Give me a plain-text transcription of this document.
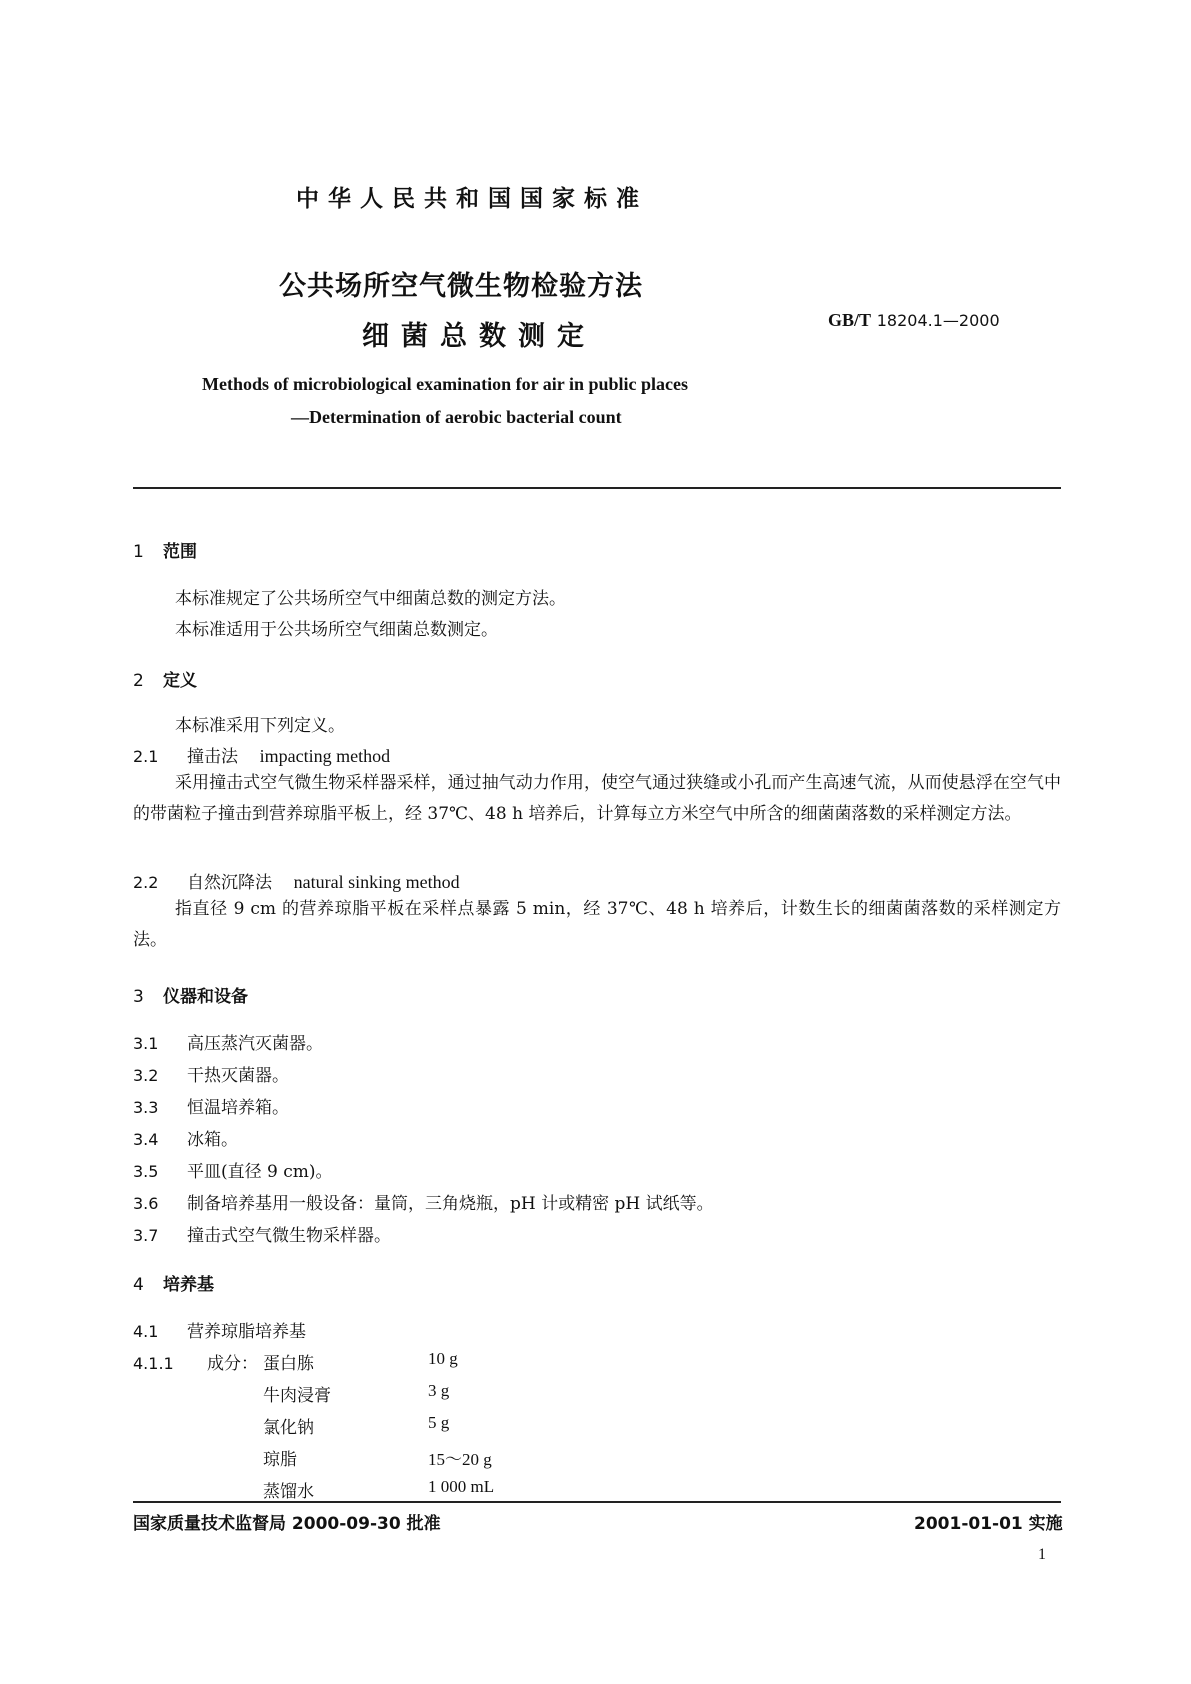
中华人民共和国国家标准
公共场所空气微生物检验方法
细菌总数测定
GB/T 18204.1—2000
Methods of microbiological examination for air in public places
—Determination of aerobic bacterial count
1 范围
本标准规定了公共场所空气中细菌总数的测定方法。
本标准适用于公共场所空气细菌总数测定。
2 定义
本标准采用下列定义。
2.1 撞击法 impacting method
采用撞击式空气微生物采样器采样，通过抽气动力作用，使空气通过狭缝或小孔而产生高速气流，从而使悬浮在空气中的带菌粒子撞击到营养琼脂平板上，经 37℃、48 h 培养后，计算每立方米空气中所含的细菌菌落数的采样测定方法。
2.2 自然沉降法 natural sinking method
指直径 9 cm 的营养琼脂平板在采样点暴露 5 min，经 37℃、48 h 培养后，计数生长的细菌菌落数的采样测定方法。
3 仪器和设备
3.1 高压蒸汽灭菌器。
3.2 干热灭菌器。
3.3 恒温培养箱。
3.4 冰箱。
3.5 平皿(直径 9 cm)。
3.6 制备培养基用一般设备：量筒，三角烧瓶，pH 计或精密 pH 试纸等。
3.7 撞击式空气微生物采样器。
4 培养基
4.1 营养琼脂培养基
4.1.1 成分： 蛋白胨	10 g
牛肉浸膏	3 g
氯化钠	5 g
琼脂	15～20 g
蒸馏水	1 000 mL
国家质量技术监督局 2000-09-30 批准	2001-01-01 实施
1
